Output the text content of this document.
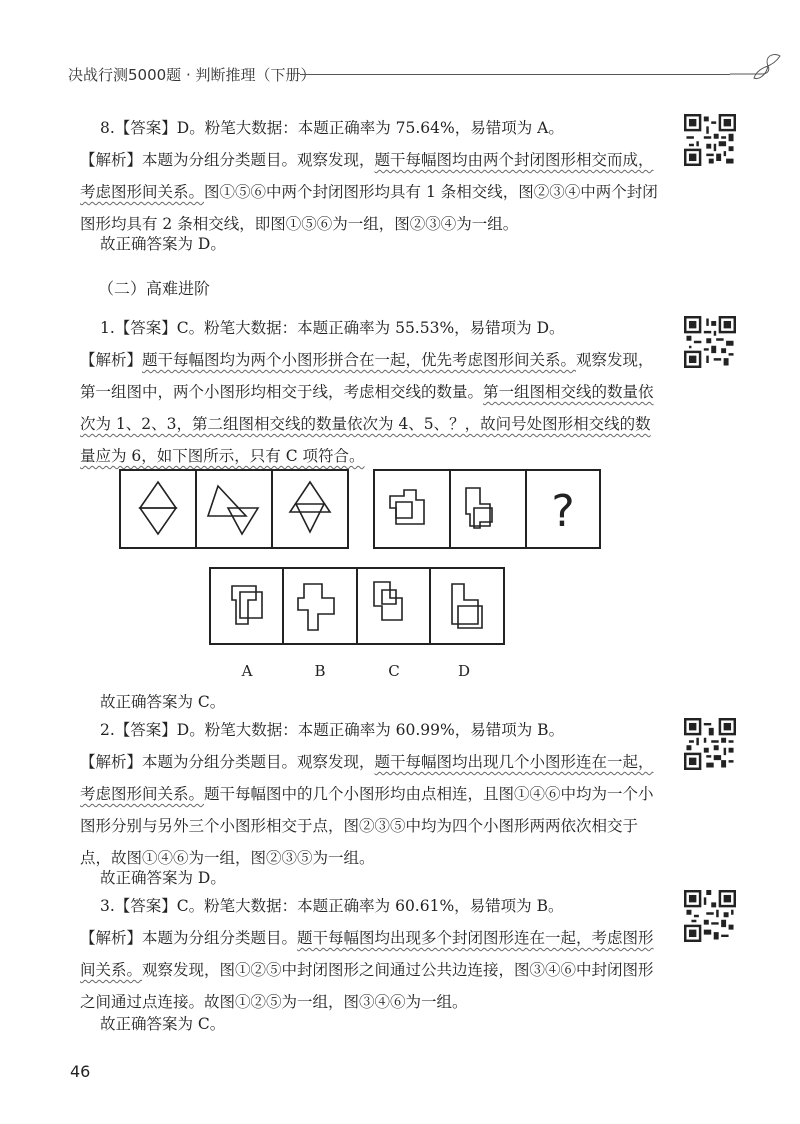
决战行测5000题 · 判断推理（下册）

8.【答案】D。粉笔大数据：本题正确率为 75.64%，易错项为 A。

【解析】本题为分组分类题目。观察发现，题干每幅图均由两个封闭图形相交而成，考虑图形间关系。图①⑤⑥中两个封闭图形均具有 1 条相交线，图②③④中两个封闭图形均具有 2 条相交线，即图①⑤⑥为一组，图②③④为一组。

故正确答案为 D。

（二）高难进阶

1.【答案】C。粉笔大数据：本题正确率为 55.53%，易错项为 D。

【解析】题干每幅图均为两个小图形拼合在一起，优先考虑图形间关系。观察发现，第一组图中，两个小图形均相交于线，考虑相交线的数量。第一组图相交线的数量依次为 1、2、3，第二组图相交线的数量依次为 4、5、？，故问号处图形相交线的数量应为 6，如下图所示，只有 C 项符合。

?
A	B	C	D

故正确答案为 C。

2.【答案】D。粉笔大数据：本题正确率为 60.99%，易错项为 B。

【解析】本题为分组分类题目。观察发现，题干每幅图均出现几个小图形连在一起，考虑图形间关系。题干每幅图中的几个小图形均由点相连，且图①④⑥中均为一个小图形分别与另外三个小图形相交于点，图②③⑤中均为四个小图形两两依次相交于点，故图①④⑥为一组，图②③⑤为一组。

故正确答案为 D。

3.【答案】C。粉笔大数据：本题正确率为 60.61%，易错项为 B。

【解析】本题为分组分类题目。题干每幅图均出现多个封闭图形连在一起，考虑图形间关系。观察发现，图①②⑤中封闭图形之间通过公共边连接，图③④⑥中封闭图形之间通过点连接。故图①②⑤为一组，图③④⑥为一组。

故正确答案为 C。

46
